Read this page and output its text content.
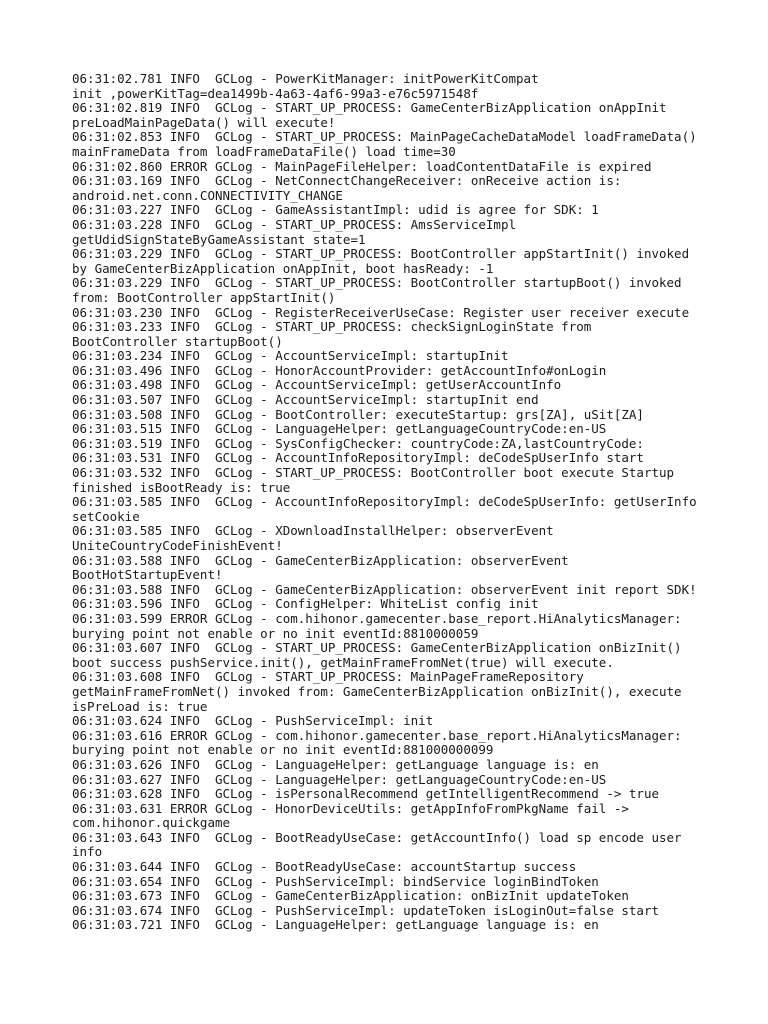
06:31:02.781 INFO  GCLog - PowerKitManager: initPowerKitCompat
init ,powerKitTag=dea1499b-4a63-4af6-99a3-e76c5971548f
06:31:02.819 INFO  GCLog - START_UP_PROCESS: GameCenterBizApplication onAppInit
preLoadMainPageData() will execute!
06:31:02.853 INFO  GCLog - START_UP_PROCESS: MainPageCacheDataModel loadFrameData()
mainFrameData from loadFrameDataFile() load time=30
06:31:02.860 ERROR GCLog - MainPageFileHelper: loadContentDataFile is expired
06:31:03.169 INFO  GCLog - NetConnectChangeReceiver: onReceive action is:
android.net.conn.CONNECTIVITY_CHANGE
06:31:03.227 INFO  GCLog - GameAssistantImpl: udid is agree for SDK: 1
06:31:03.228 INFO  GCLog - START_UP_PROCESS: AmsServiceImpl
getUdidSignStateByGameAssistant state=1
06:31:03.229 INFO  GCLog - START_UP_PROCESS: BootController appStartInit() invoked
by GameCenterBizApplication onAppInit, boot hasReady: -1
06:31:03.229 INFO  GCLog - START_UP_PROCESS: BootController startupBoot() invoked
from: BootController appStartInit()
06:31:03.230 INFO  GCLog - RegisterReceiverUseCase: Register user receiver execute
06:31:03.233 INFO  GCLog - START_UP_PROCESS: checkSignLoginState from
BootController startupBoot()
06:31:03.234 INFO  GCLog - AccountServiceImpl: startupInit
06:31:03.496 INFO  GCLog - HonorAccountProvider: getAccountInfo#onLogin
06:31:03.498 INFO  GCLog - AccountServiceImpl: getUserAccountInfo
06:31:03.507 INFO  GCLog - AccountServiceImpl: startupInit end
06:31:03.508 INFO  GCLog - BootController: executeStartup: grs[ZA], uSit[ZA]
06:31:03.515 INFO  GCLog - LanguageHelper: getLanguageCountryCode:en-US
06:31:03.519 INFO  GCLog - SysConfigChecker: countryCode:ZA,lastCountryCode:
06:31:03.531 INFO  GCLog - AccountInfoRepositoryImpl: deCodeSpUserInfo start
06:31:03.532 INFO  GCLog - START_UP_PROCESS: BootController boot execute Startup
finished isBootReady is: true
06:31:03.585 INFO  GCLog - AccountInfoRepositoryImpl: deCodeSpUserInfo: getUserInfo
setCookie
06:31:03.585 INFO  GCLog - XDownloadInstallHelper: observerEvent
UniteCountryCodeFinishEvent!
06:31:03.588 INFO  GCLog - GameCenterBizApplication: observerEvent
BootHotStartupEvent!
06:31:03.588 INFO  GCLog - GameCenterBizApplication: observerEvent init report SDK!
06:31:03.596 INFO  GCLog - ConfigHelper: WhiteList config init
06:31:03.599 ERROR GCLog - com.hihonor.gamecenter.base_report.HiAnalyticsManager:
burying point not enable or no init eventId:8810000059
06:31:03.607 INFO  GCLog - START_UP_PROCESS: GameCenterBizApplication onBizInit()
boot success pushService.init(), getMainFrameFromNet(true) will execute.
06:31:03.608 INFO  GCLog - START_UP_PROCESS: MainPageFrameRepository
getMainFrameFromNet() invoked from: GameCenterBizApplication onBizInit(), execute
isPreLoad is: true
06:31:03.624 INFO  GCLog - PushServiceImpl: init
06:31:03.616 ERROR GCLog - com.hihonor.gamecenter.base_report.HiAnalyticsManager:
burying point not enable or no init eventId:881000000099
06:31:03.626 INFO  GCLog - LanguageHelper: getLanguage language is: en
06:31:03.627 INFO  GCLog - LanguageHelper: getLanguageCountryCode:en-US
06:31:03.628 INFO  GCLog - isPersonalRecommend getIntelligentRecommend -> true
06:31:03.631 ERROR GCLog - HonorDeviceUtils: getAppInfoFromPkgName fail ->
com.hihonor.quickgame
06:31:03.643 INFO  GCLog - BootReadyUseCase: getAccountInfo() load sp encode user
info
06:31:03.644 INFO  GCLog - BootReadyUseCase: accountStartup success
06:31:03.654 INFO  GCLog - PushServiceImpl: bindService loginBindToken
06:31:03.673 INFO  GCLog - GameCenterBizApplication: onBizInit updateToken
06:31:03.674 INFO  GCLog - PushServiceImpl: updateToken isLoginOut=false start
06:31:03.721 INFO  GCLog - LanguageHelper: getLanguage language is: en
